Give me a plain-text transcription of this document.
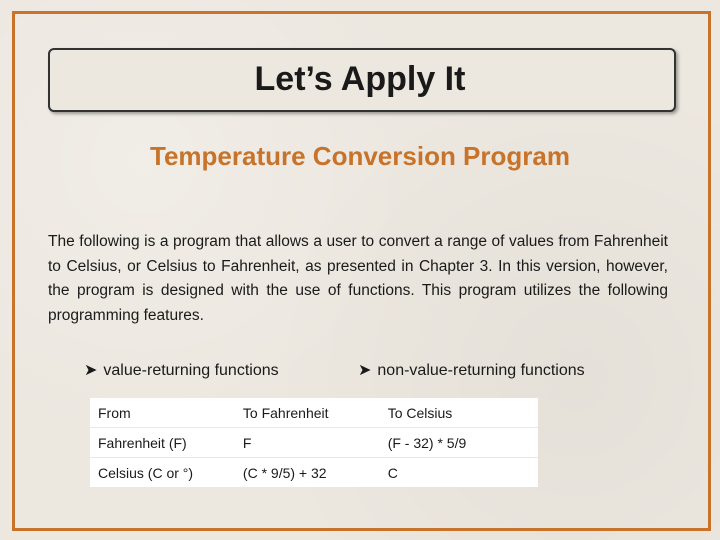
Let’s Apply It
Temperature Conversion Program
The following is a program that allows a user to convert a range of values from Fahrenheit to Celsius, or Celsius to Fahrenheit, as presented in Chapter 3. In this version, however, the program is designed with the use of functions. This program utilizes the following programming features.
➤ value-returning functions	➤ non-value-returning functions
From	To Fahrenheit	To Celsius
Fahrenheit (F)	F	(F - 32) * 5/9
Celsius (C or °)	(C * 9/5) + 32	C
